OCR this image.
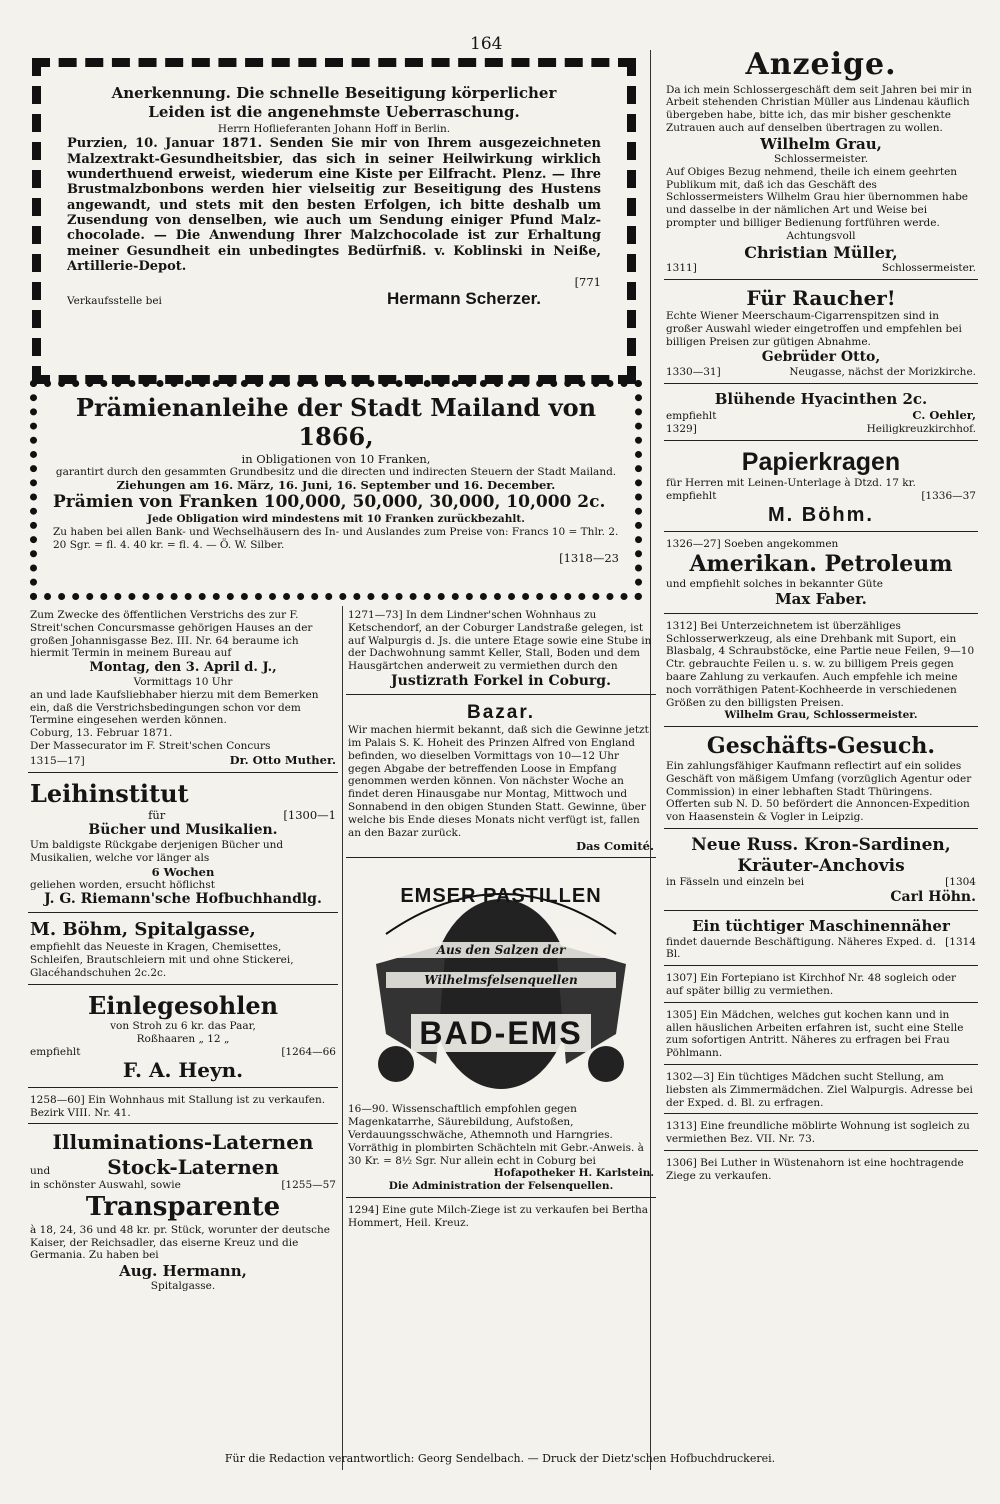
164

Anerkennung. Die schnelle Beseitigung körperlicher

Leiden ist die angenehmste Ueberraschung.

Herrn Hoflieferanten Johann Hoff in Berlin.

Purzien, 10. Januar 1871. Senden Sie mir von Ihrem ausgezeichneten Malzextrakt-Gesundheitsbier, das sich in seiner Heilwirkung wirklich wunderthuend erweist, wiederum eine Kiste per Eilfracht. Plenz. — Ihre Brustmalzbonbons werden hier vielseitig zur Beseitigung des Hustens angewandt, und stets mit den besten Erfolgen, ich bitte deshalb um Zusendung von denselben, wie auch um Sendung einiger Pfund Malz-chocolade. — Die Anwendung Ihrer Malzchocolade ist zur Erhaltung meiner Gesundheit ein unbedingtes Bedürfniß. v. Koblinski in Neiße, Artillerie-Depot.

[771
Verkaufsstelle bei	Hermann Scherzer.
Prämienanleihe der Stadt Mailand von 1866,
in Obligationen von 10 Franken,
garantirt durch den gesammten Grundbesitz und die directen und indirecten Steuern der Stadt Mailand.
Ziehungen am 16. März, 16. Juni, 16. September und 16. December.
Prämien von Franken 100,000, 50,000, 30,000, 10,000 2c.
Jede Obligation wird mindestens mit 10 Franken zurückbezahlt.
Zu haben bei allen Bank- und Wechselhäusern des In- und Auslandes zum Preise von: Francs 10 = Thlr. 2. 20 Sgr. = fl. 4. 40 kr. = fl. 4. — Ö. W. Silber.
[1318—23
Zum Zwecke des öffentlichen Verstrichs des zur F. Streit'schen Concursmasse gehörigen Hauses an der großen Johannisgasse Bez. III. Nr. 64 beraume ich hiermit Termin in meinem Bureau auf
Montag, den 3. April d. J.,
Vormittags 10 Uhr
an und lade Kaufsliebhaber hierzu mit dem Bemerken ein, daß die Verstrichsbedingungen schon vor dem Termine eingesehen werden können.
Coburg, 13. Februar 1871.
Der Massecurator im F. Streit'schen Concurs
1315—17]	Dr. Otto Muther.
Leihinstitut
für	[1300—1
Bücher und Musikalien.
Um baldigste Rückgabe derjenigen Bücher und Musikalien, welche vor länger als
6 Wochen
geliehen worden, ersucht höflichst
J. G. Riemann'sche Hofbuchhandlg.
M. Böhm, Spitalgasse,
empfiehlt das Neueste in Kragen, Chemisettes, Schleifen, Brautschleiern mit und ohne Stickerei, Glacéhandschuhen 2c.2c.
Einlegesohlen
von Stroh zu 6 kr. das Paar,
Roßhaaren „ 12 „
empfiehlt	[1264—66
F. A. Heyn.
1258—60] Ein Wohnhaus mit Stallung ist zu verkaufen. Bezirk VIII. Nr. 41.
Illuminations-Laternen
und	Stock-Laternen
in schönster Auswahl, sowie	[1255—57
Transparente
à 18, 24, 36 und 48 kr. pr. Stück, worunter der deutsche Kaiser, der Reichsadler, das eiserne Kreuz und die Germania. Zu haben bei
Aug. Hermann,
Spitalgasse.
1271—73] In dem Lindner'schen Wohnhaus zu Ketschendorf, an der Coburger Landstraße gelegen, ist auf Walpurgis d. Js. die untere Etage sowie eine Stube in der Dachwohnung sammt Keller, Stall, Boden und dem Hausgärtchen anderweit zu vermiethen durch den
Justizrath Forkel in Coburg.
Bazar.
Wir machen hiermit bekannt, daß sich die Gewinne jetzt im Palais S. K. Hoheit des Prinzen Alfred von England befinden, wo dieselben Vormittags von 10—12 Uhr gegen Abgabe der betreffenden Loose in Empfang genommen werden können. Von nächster Woche an findet deren Hinausgabe nur Montag, Mittwoch und Sonnabend in den obigen Stunden Statt. Gewinne, über welche bis Ende dieses Monats nicht verfügt ist, fallen an den Bazar zurück.
Das Comité.
EMSER PASTILLEN
Aus den Salzen der
Wilhelmsfelsenquellen
BAD-EMS
16—90. Wissenschaftlich empfohlen gegen Magenkatarrhe, Säurebildung, Aufstoßen, Verdauungsschwäche, Athemnoth und Harngries. Vorräthig in plombirten Schächteln mit Gebr.-Anweis. à 30 Kr. = 8½ Sgr. Nur allein echt in Coburg bei
Hofapotheker H. Karlstein.
Die Administration der Felsenquellen.
1294] Eine gute Milch-Ziege ist zu verkaufen bei Bertha Hommert, Heil. Kreuz.
Anzeige.
Da ich mein Schlossergeschäft dem seit Jahren bei mir in Arbeit stehenden Christian Müller aus Lindenau käuflich übergeben habe, bitte ich, das mir bisher geschenkte Zutrauen auch auf denselben übertragen zu wollen.
Wilhelm Grau,
Schlossermeister.
Auf Obiges Bezug nehmend, theile ich einem geehrten Publikum mit, daß ich das Geschäft des Schlossermeisters Wilhelm Grau hier übernommen habe und dasselbe in der nämlichen Art und Weise bei prompter und billiger Bedienung fortführen werde.
Achtungsvoll
Christian Müller,
1311]	Schlossermeister.
Für Raucher!
Echte Wiener Meerschaum-Cigarrenspitzen sind in großer Auswahl wieder eingetroffen und empfehlen bei billigen Preisen zur gütigen Abnahme.
Gebrüder Otto,
1330—31]	Neugasse, nächst der Morizkirche.
Blühende Hyacinthen 2c.
empfiehlt	C. Oehler,
1329]	Heiligkreuzkirchhof.
Papierkragen
für Herren mit Leinen-Unterlage à Dtzd. 17 kr.
empfiehlt	[1336—37
M. Böhm.
1326—27] Soeben angekommen
Amerikan. Petroleum
und empfiehlt solches in bekannter Güte
Max Faber.
1312] Bei Unterzeichnetem ist überzähliges Schlosserwerkzeug, als eine Drehbank mit Suport, ein Blasbalg, 4 Schraubstöcke, eine Partie neue Feilen, 9—10 Ctr. gebrauchte Feilen u. s. w. zu billigem Preis gegen baare Zahlung zu verkaufen. Auch empfehle ich meine noch vorräthigen Patent-Kochheerde in verschiedenen Größen zu den billigsten Preisen.
Wilhelm Grau, Schlossermeister.
Geschäfts-Gesuch.
Ein zahlungsfähiger Kaufmann reflectirt auf ein solides Geschäft von mäßigem Umfang (vorzüglich Agentur oder Commission) in einer lebhaften Stadt Thüringens. Offerten sub N. D. 50 befördert die Annoncen-Expedition von Haasenstein & Vogler in Leipzig.
Neue Russ. Kron-Sardinen,
Kräuter-Anchovis
in Fässeln und einzeln bei	[1304
Carl Höhn.
Ein tüchtiger Maschinennäher
findet dauernde Beschäftigung. Näheres Exped. d. Bl.
[1314
1307] Ein Fortepiano ist Kirchhof Nr. 48 sogleich oder auf später billig zu vermiethen.
1305] Ein Mädchen, welches gut kochen kann und in allen häuslichen Arbeiten erfahren ist, sucht eine Stelle zum sofortigen Antritt. Näheres zu erfragen bei Frau Pöhlmann.
1302—3] Ein tüchtiges Mädchen sucht Stellung, am liebsten als Zimmermädchen. Ziel Walpurgis. Adresse bei der Exped. d. Bl. zu erfragen.
1313] Eine freundliche möblirte Wohnung ist sogleich zu vermiethen Bez. VII. Nr. 73.
1306] Bei Luther in Wüstenahorn ist eine hochtragende Ziege zu verkaufen.
Für die Redaction verantwortlich: Georg Sendelbach. — Druck der Dietz'schen Hofbuchdruckerei.
